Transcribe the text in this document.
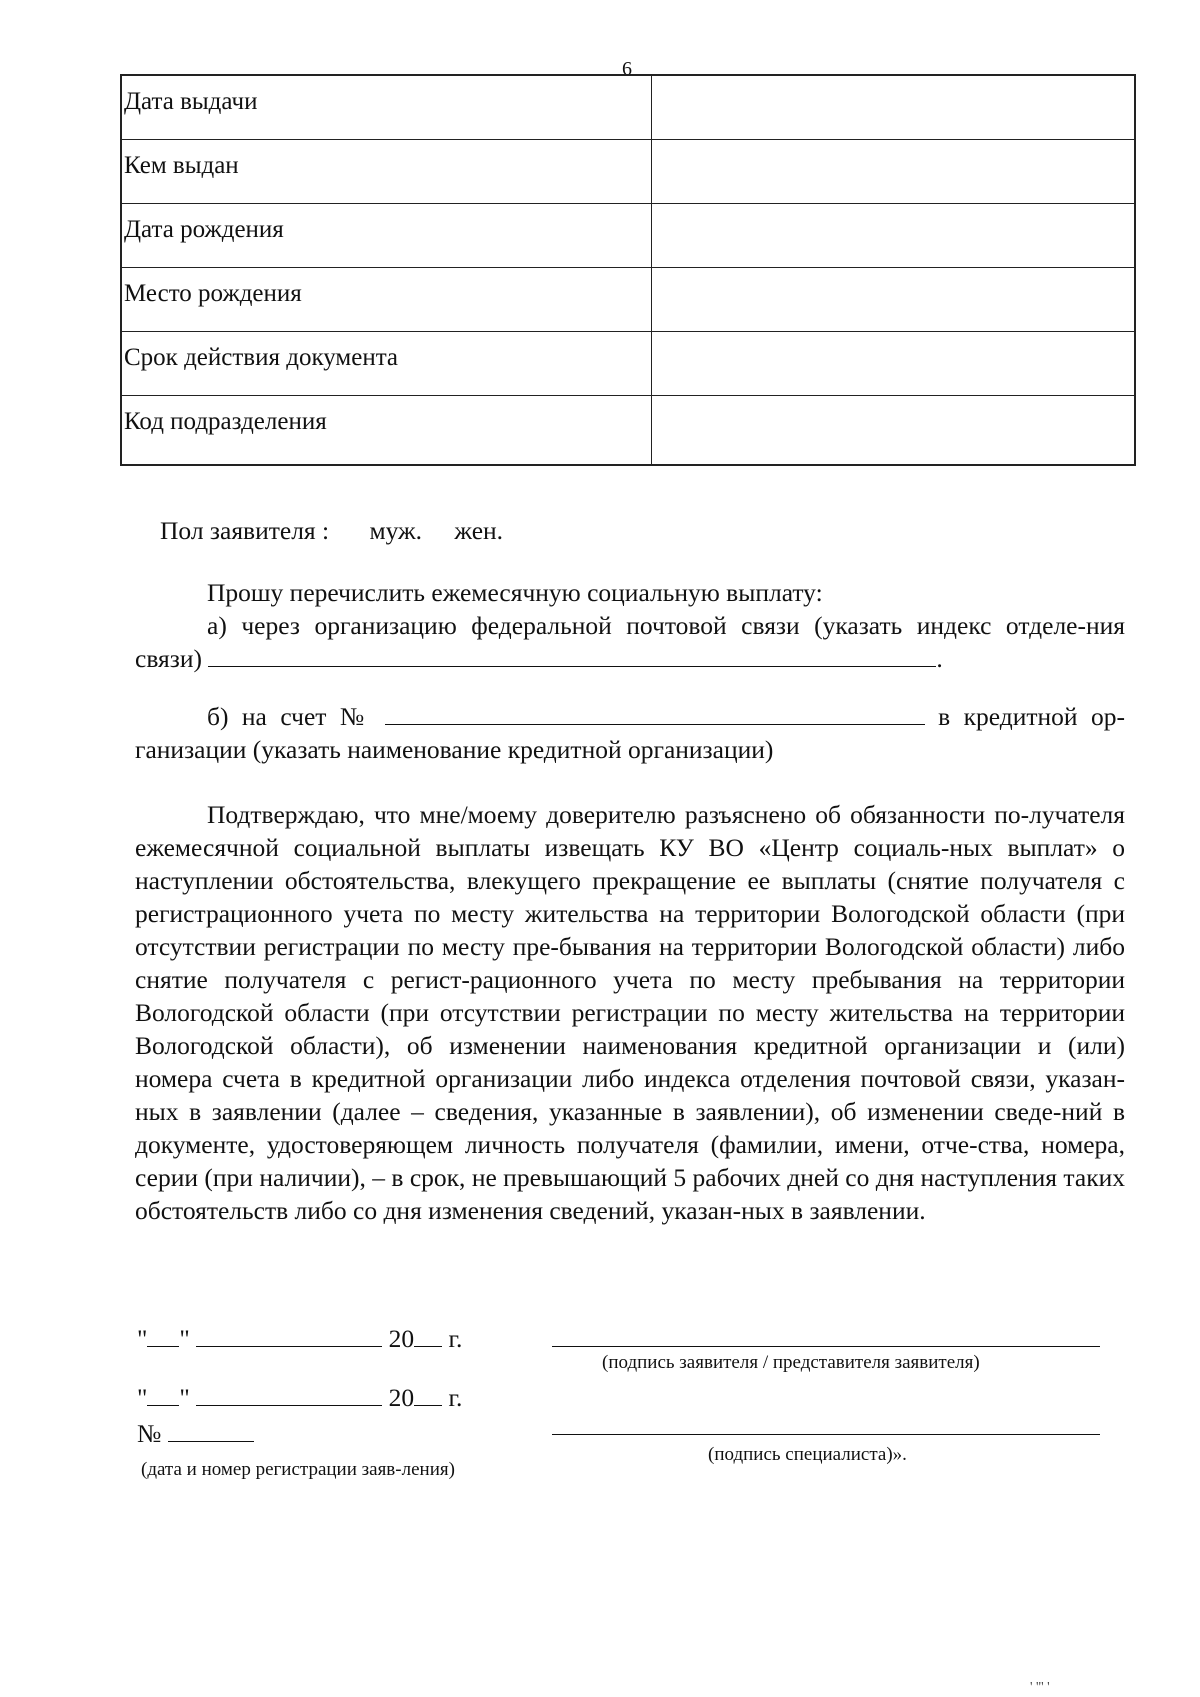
6
Дата выдачи	
Кем выдан	
Дата рождения	
Место рождения	
Срок действия документа	
Код подразделения	
Пол заявителя : муж. жен.
Прошу перечислить ежемесячную социальную выплату:
а) через организацию федеральной почтовой связи (указать индекс отделе-ния связи)	.
б) на счет №	в кредитной ор-ганизации (указать наименование кредитной организации)
Подтверждаю, что мне/моему доверителю разъяснено об обязанности по-лучателя ежемесячной социальной выплаты извещать КУ ВО «Центр социаль-ных выплат» о наступлении обстоятельства, влекущего прекращение ее выплаты (снятие получателя с регистрационного учета по месту жительства на территории Вологодской области (при отсутствии регистрации по месту пре-бывания на территории Вологодской области) либо снятие получателя с регист-рационного учета по месту пребывания на территории Вологодской области (при отсутствии регистрации по месту жительства на территории Вологодской области), об изменении наименования кредитной организации и (или) номера счета в кредитной организации либо индекса отделения почтовой связи, указан-ных в заявлении (далее – сведения, указанные в заявлении), об изменении сведе-ний в документе, удостоверяющем личность получателя (фамилии, имени, отче-ства, номера, серии (при наличии), – в срок, не превышающий 5 рабочих дней со дня наступления таких обстоятельств либо со дня изменения сведений, указан-ных в заявлении.
" "	20 г.
(подпись заявителя / представителя заявителя)
" "	20 г.
№
(подпись специалиста)».
(дата и номер регистрации заяв-ления)
' ''' '
